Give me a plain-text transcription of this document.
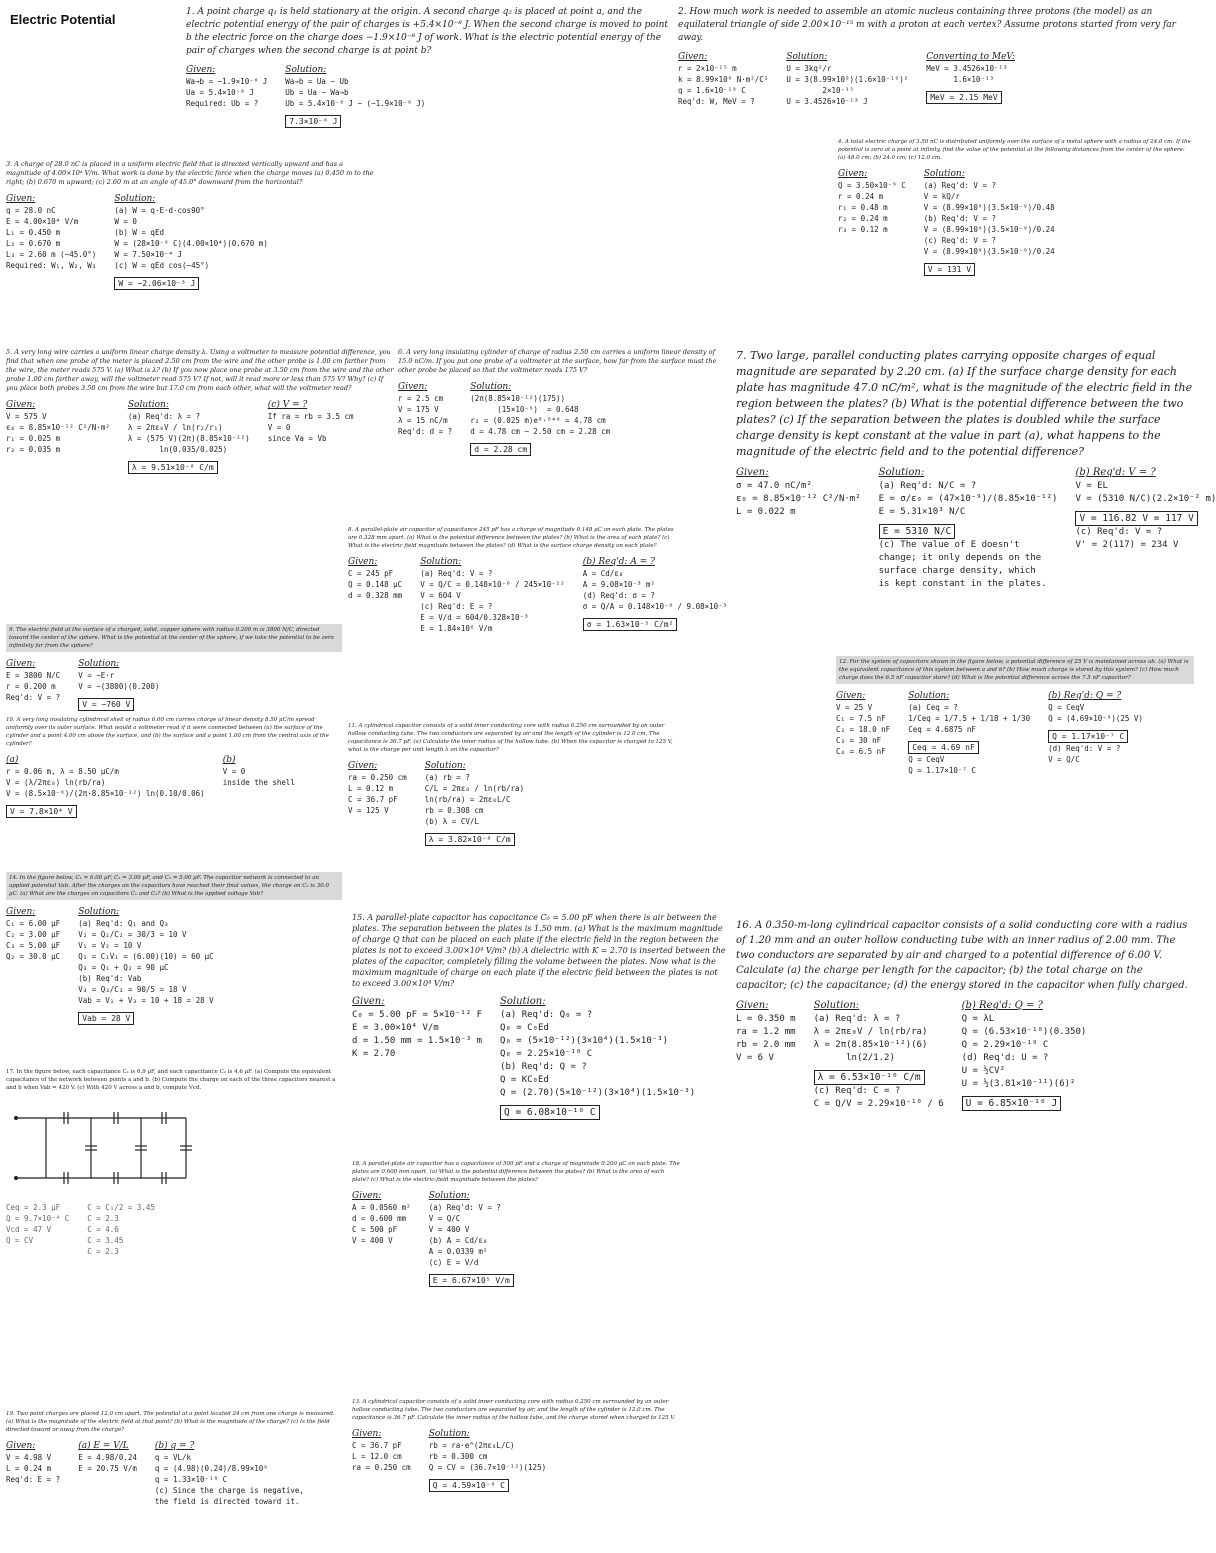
Electric Potential	1. A point charge q₁ is held stationary at the origin. A second charge q₂ is placed at point a, and the electric potential energy of the pair of charges is +5.4×10⁻⁸ J. When the second charge is moved to point b the electric force on the charge does −1.9×10⁻⁸ J of work. What is the electric potential energy of the pair of charges when the second charge is at point b?

Given:
Wa→b = −1.9×10⁻⁸ J
Ua = 5.4×10⁻⁸ J
Required: Ub = ?
Solution:
Wa→b = Ua − Ub
Ub = Ua − Wa→b
Ub = 5.4×10⁻⁸ J − (−1.9×10⁻⁸ J)
7.3×10⁻⁸ J

2. How much work is needed to assemble an atomic nucleus containing three protons (the model) as an equilateral triangle of side 2.00×10⁻¹⁵ m with a proton at each vertex? Assume protons started from very far away.

Given:
r = 2×10⁻¹⁵ m
k = 8.99×10⁹ N·m²/C²
q = 1.6×10⁻¹⁹ C
Req'd: W, MeV = ?
Solution:
U = 3kq²/r
U = 3(8.99×10⁹)(1.6×10⁻¹⁹)²
2×10⁻¹⁵
U = 3.4526×10⁻¹³ J
Converting to MeV:
MeV = 3.4526×10⁻¹³
1.6×10⁻¹³
MeV = 2.15 MeV

3. A charge of 28.0 nC is placed in a uniform electric field that is directed vertically upward and has a magnitude of 4.00×10⁴ V/m. What work is done by the electric force when the charge moves (a) 0.450 m to the right; (b) 0.670 m upward; (c) 2.60 m at an angle of 45.0° downward from the horizontal?

Given:
q = 28.0 nC
E = 4.00×10⁴ V/m
L₁ = 0.450 m
L₂ = 0.670 m
L₃ = 2.60 m (−45.0°)
Required: W₁, W₂, W₃
Solution:
(a) W = q·E·d·cos90°
W = 0
(b) W = qEd
W = (28×10⁻⁹ C)(4.00×10⁴)(0.670 m)
W = 7.50×10⁻⁴ J
(c) W = qEd cos(−45°)
W = −2.06×10⁻³ J

4. A total electric charge of 3.50 nC is distributed uniformly over the surface of a metal sphere with a radius of 24.0 cm. If the potential is zero at a point at infinity, find the value of the potential at the following distances from the center of the sphere: (a) 48.0 cm; (b) 24.0 cm; (c) 12.0 cm.

Given:
Q = 3.50×10⁻⁹ C
r = 0.24 m
r₁ = 0.48 m
r₂ = 0.24 m
r₃ = 0.12 m
Solution:
(a) Req'd: V = ?
V = kQ/r
V = (8.99×10⁹)(3.5×10⁻⁹)/0.48
(b) Req'd: V = ?
V = (8.99×10⁹)(3.5×10⁻⁹)/0.24
(c) Req'd: V = ?
V = (8.99×10⁹)(3.5×10⁻⁹)/0.24
V = 131 V

5. A very long wire carries a uniform linear charge density λ. Using a voltmeter to measure potential difference, you find that when one probe of the meter is placed 2.50 cm from the wire and the other probe is 1.00 cm farther from the wire, the meter reads 575 V. (a) What is λ? (b) If you now place one probe at 3.50 cm from the wire and the other probe 1.00 cm farther away, will the voltmeter read 575 V? If not, will it read more or less than 575 V? Why? (c) If you place both probes 3.50 cm from the wire but 17.0 cm from each other, what will the voltmeter read?

Given:
V = 575 V
ε₀ = 8.85×10⁻¹² C²/N·m²
r₁ = 0.025 m
r₂ = 0.035 m
Solution:
(a) Req'd: λ = ?
λ = 2πε₀V / ln(r₂/r₁)
λ = (575 V)(2π)(8.85×10⁻¹²)
ln(0.035/0.025)
λ = 9.51×10⁻⁸ C/m
(c) V = ?
If ra = rb = 3.5 cm
V = 0
since Va = Vb

6. A very long insulating cylinder of charge of radius 2.50 cm carries a uniform linear density of 15.0 nC/m. If you put one probe of a voltmeter at the surface, how far from the surface must the other probe be placed so that the voltmeter reads 175 V?

Given:
r = 2.5 cm
V = 175 V
λ = 15 nC/m
Req'd: d = ?
Solution:
(2π(8.85×10⁻¹²)(175))
(15×10⁻⁹)  = 0.648
r₂ = (0.025 m)e⁰·⁶⁴⁸ = 4.78 cm
d = 4.78 cm − 2.50 cm = 2.28 cm
d = 2.28 cm

7. Two large, parallel conducting plates carrying opposite charges of equal magnitude are separated by 2.20 cm. (a) If the surface charge density for each plate has magnitude 47.0 nC/m², what is the magnitude of the electric field in the region between the plates? (b) What is the potential difference between the two plates? (c) If the separation between the plates is doubled while the surface charge density is kept constant at the value in part (a), what happens to the magnitude of the electric field and to the potential difference?

Given:
σ = 47.0 nC/m²
ε₀ = 8.85×10⁻¹² C²/N·m²
L = 0.022 m
Solution:
(a) Req'd: N/C = ?
E = σ/ε₀ = (47×10⁻⁹)/(8.85×10⁻¹²)
E = 5.31×10³ N/C
E = 5310 N/C
(c) The value of E doesn't
change; it only depends on the
surface charge density, which
is kept constant in the plates.
(b) Req'd: V = ?
V = EL
V = (5310 N/C)(2.2×10⁻² m)
V = 116.82 V = 117 V
(c) Req'd: V = ?
V' = 2(117) = 234 V

8. A parallel-plate air capacitor of capacitance 245 pF has a charge of magnitude 0.148 μC on each plate. The plates are 0.328 mm apart. (a) What is the potential difference between the plates? (b) What is the area of each plate? (c) What is the electric field magnitude between the plates? (d) What is the surface charge density on each plate?

Given:
C = 245 pF
Q = 0.148 μC
d = 0.328 mm
Solution:
(a) Req'd: V = ?
V = Q/C = 0.148×10⁻⁶ / 245×10⁻¹²
V = 604 V
(c) Req'd: E = ?
E = V/d = 604/0.328×10⁻³
E = 1.84×10⁶ V/m
(b) Req'd: A = ?
A = Cd/ε₀
A = 9.08×10⁻³ m²
(d) Req'd: σ = ?
σ = Q/A = 0.148×10⁻⁶ / 9.08×10⁻³
σ = 1.63×10⁻⁵ C/m²

9. The electric field at the surface of a charged, solid, copper sphere with radius 0.200 m is 3800 N/C, directed toward the center of the sphere. What is the potential at the center of the sphere, if we take the potential to be zero infinitely far from the sphere?

Given:
E = 3800 N/C
r = 0.200 m
Req'd: V = ?
Solution:
V = −E·r
V = −(3800)(0.200)
V = −760 V

10. A very long insulating cylindrical shell of radius 6.00 cm carries charge of linear density 8.50 μC/m spread uniformly over its outer surface. What would a voltmeter read if it were connected between (a) the surface of the cylinder and a point 4.00 cm above the surface, and (b) the surface and a point 1.00 cm from the central axis of the cylinder?

(a)
r = 0.06 m, λ = 8.50 μC/m
V = (λ/2πε₀) ln(rb/ra)
V = (8.5×10⁻⁶)/(2π·8.85×10⁻¹²) ln(0.10/0.06)
V = 7.8×10⁴ V
(b)
V = 0
inside the shell

11. A cylindrical capacitor consists of a solid inner conducting core with radius 0.250 cm surrounded by an outer hollow conducting tube. The two conductors are separated by air and the length of the cylinder is 12.0 cm. The capacitance is 36.7 pF. (a) Calculate the inner radius of the hollow tube. (b) When the capacitor is charged to 125 V, what is the charge per unit length λ on the capacitor?

Given:
ra = 0.250 cm
L = 0.12 m
C = 36.7 pF
V = 125 V
Solution:
(a) rb = ?
C/L = 2πε₀ / ln(rb/ra)
ln(rb/ra) = 2πε₀L/C
rb = 0.308 cm
(b) λ = CV/L
λ = 3.82×10⁻⁸ C/m

12. For the system of capacitors shown in the figure below, a potential difference of 25 V is maintained across ab. (a) What is the equivalent capacitance of this system between a and b? (b) How much charge is stored by this system? (c) How much charge does the 6.5 nF capacitor store? (d) What is the potential difference across the 7.5 nF capacitor?

Given:
V = 25 V
C₁ = 7.5 nF
C₂ = 18.0 nF
C₃ = 30 nF
C₄ = 6.5 nF
Solution:
(a) Ceq = ?
1/Ceq = 1/7.5 + 1/18 + 1/30
Ceq = 4.6875 nF
Ceq = 4.69 nF
Q = CeqV
Q = 1.17×10⁻⁷ C
(b) Req'd: Q = ?
Q = CeqV
Q = (4.69×10⁻⁹)(25 V)
Q = 1.17×10⁻⁷ C
(d) Req'd: V = ?
V = Q/C

14. In the figure below, C₁ = 6.00 μF, C₂ = 3.00 μF, and C₃ = 5.00 μF. The capacitor network is connected to an applied potential Vab. After the charges on the capacitors have reached their final values, the charge on C₂ is 30.0 μC. (a) What are the charges on capacitors C₁ and C₃? (b) What is the applied voltage Vab?

Given:
C₁ = 6.00 μF
C₂ = 3.00 μF
C₃ = 5.00 μF
Q₂ = 30.0 μC
Solution:
(a) Req'd: Q₁ and Q₃
V₂ = Q₂/C₂ = 30/3 = 10 V
V₁ = V₂ = 10 V
Q₁ = C₁V₁ = (6.00)(10) = 60 μC
Q₃ = Q₁ + Q₂ = 90 μC
(b) Req'd: Vab
V₃ = Q₃/C₃ = 90/5 = 18 V
Vab = V₁ + V₃ = 10 + 18 = 28 V
Vab = 28 V

15. A parallel-plate capacitor has capacitance C₀ = 5.00 pF when there is air between the plates. The separation between the plates is 1.50 mm. (a) What is the maximum magnitude of charge Q that can be placed on each plate if the electric field in the region between the plates is not to exceed 3.00×10⁴ V/m? (b) A dielectric with K = 2.70 is inserted between the plates of the capacitor, completely filling the volume between the plates. Now what is the maximum magnitude of charge on each plate if the electric field between the plates is not to exceed 3.00×10⁴ V/m?

Given:
C₀ = 5.00 pF = 5×10⁻¹² F
E = 3.00×10⁴ V/m
d = 1.50 mm = 1.5×10⁻³ m
K = 2.70
Solution:
(a) Req'd: Q₀ = ?
Q₀ = C₀Ed
Q₀ = (5×10⁻¹²)(3×10⁴)(1.5×10⁻³)
Q₀ = 2.25×10⁻¹⁰ C
(b) Req'd: Q = ?
Q = KC₀Ed
Q = (2.70)(5×10⁻¹²)(3×10⁴)(1.5×10⁻³)
Q = 6.08×10⁻¹⁰ C

16. A 0.350-m-long cylindrical capacitor consists of a solid conducting core with a radius of 1.20 mm and an outer hollow conducting tube with an inner radius of 2.00 mm. The two conductors are separated by air and charged to a potential difference of 6.00 V. Calculate (a) the charge per length for the capacitor; (b) the total charge on the capacitor; (c) the capacitance; (d) the energy stored in the capacitor when fully charged.

Given:
L = 0.350 m
ra = 1.2 mm
rb = 2.0 mm
V = 6 V
Solution:
(a) Req'd: λ = ?
λ = 2πε₀V / ln(rb/ra)
λ = 2π(8.85×10⁻¹²)(6)
ln(2/1.2)
λ = 6.53×10⁻¹⁰ C/m
(c) Req'd: C = ?
C = Q/V = 2.29×10⁻¹⁰ / 6
(b) Req'd: Q = ?
Q = λL
Q = (6.53×10⁻¹⁰)(0.350)
Q = 2.29×10⁻¹⁰ C
(d) Req'd: U = ?
U = ½CV²
U = ½(3.81×10⁻¹¹)(6)²
U = 6.85×10⁻¹⁰ J

17. In the figure below, each capacitance C₁ is 6.9 μF, and each capacitance C₂ is 4.6 μF. (a) Compute the equivalent capacitance of the network between points a and b. (b) Compute the charge on each of the three capacitors nearest a and b when Vab = 420 V. (c) With 420 V across a and b, compute Vcd.

Ceq = 2.3 μF
Q = 9.7×10⁻⁴ C
Vcd = 47 V
Q = CV
C = C₁/2 = 3.45
C = 2.3
C = 4.6
C = 3.45
C = 2.3

18. A parallel-plate air capacitor has a capacitance of 500 pF and a charge of magnitude 0.200 μC on each plate. The plates are 0.600 mm apart. (a) What is the potential difference between the plates? (b) What is the area of each plate? (c) What is the electric-field magnitude between the plates?

Given:
A = 0.0560 m²
d = 0.600 mm
C = 500 pF
V = 400 V
Solution:
(a) Req'd: V = ?
V = Q/C
V = 400 V
(b) A = Cd/ε₀
A = 0.0339 m²
(c) E = V/d
E = 6.67×10⁵ V/m

19. Two point charges are placed 12.0 cm apart. The potential at a point located 24 cm from one charge is measured. (a) What is the magnitude of the electric field at that point? (b) What is the magnitude of the charge? (c) Is the field directed toward or away from the charge?

Given:
V = 4.98 V
L = 0.24 m
Req'd: E = ?
(a) E = V/L
E = 4.98/0.24
E = 20.75 V/m
(b) q = ?
q = VL/k
q = (4.98)(0.24)/8.99×10⁹
q = 1.33×10⁻¹⁰ C
(c) Since the charge is negative,
the field is directed toward it.

13. A cylindrical capacitor consists of a solid inner conducting core with radius 0.250 cm surrounded by an outer hollow conducting tube. The two conductors are separated by air, and the length of the cylinder is 12.0 cm. The capacitance is 36.7 pF. Calculate the inner radius of the hollow tube, and the charge stored when charged to 125 V.

Given:
C = 36.7 pF
L = 12.0 cm
ra = 0.250 cm
Solution:
rb = ra·e^(2πε₀L/C)
rb = 0.300 cm
Q = CV = (36.7×10⁻¹²)(125)
Q = 4.59×10⁻⁹ C
